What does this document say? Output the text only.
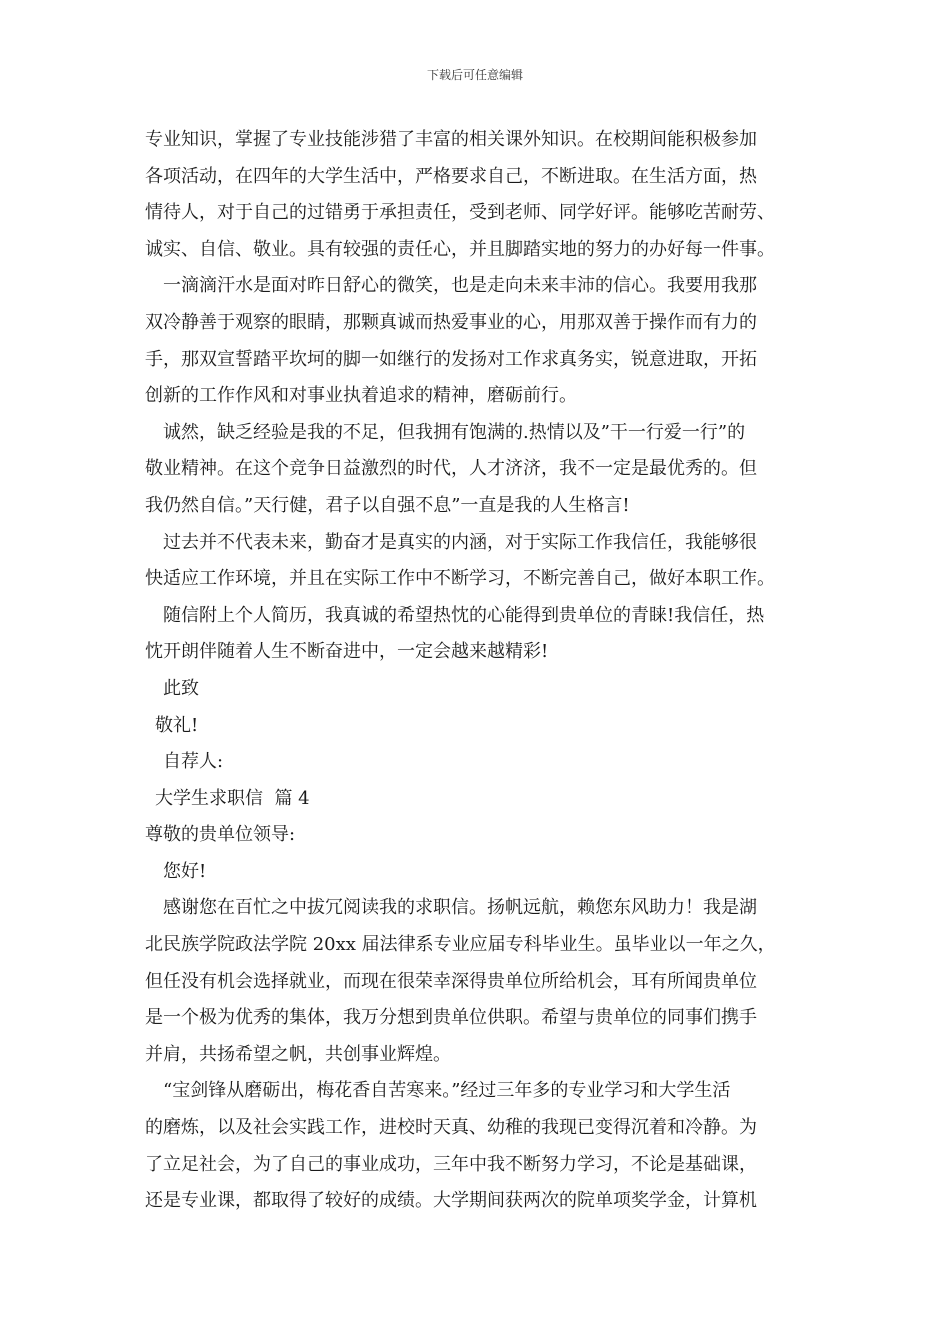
下载后可任意编辑
专业知识，掌握了专业技能涉猎了丰富的相关课外知识。在校期间能积极参加
各项活动，在四年的大学生活中，严格要求自己，不断进取。在生活方面，热
情待人，对于自己的过错勇于承担责任，受到老师、同学好评。能够吃苦耐劳、
诚实、自信、敬业。具有较强的责任心，并且脚踏实地的努力的办好每一件事。
一滴滴汗水是面对昨日舒心的微笑，也是走向未来丰沛的信心。我要用我那
双冷静善于观察的眼睛，那颗真诚而热爱事业的心，用那双善于操作而有力的
手，那双宣誓踏平坎坷的脚一如继行的发扬对工作求真务实，锐意进取，开拓
创新的工作作风和对事业执着追求的精神，磨砺前行。
诚然，缺乏经验是我的不足，但我拥有饱满的.热情以及”干一行爱一行”的
敬业精神。在这个竞争日益激烈的时代，人才济济，我不一定是最优秀的。但
我仍然自信。”天行健，君子以自强不息”一直是我的人生格言!
过去并不代表未来，勤奋才是真实的内涵，对于实际工作我信任，我能够很
快适应工作环境，并且在实际工作中不断学习，不断完善自己，做好本职工作。
随信附上个人简历，我真诚的希望热忱的心能得到贵单位的青睐!我信任，热
忱开朗伴随着人生不断奋进中，一定会越来越精彩!
此致
敬礼!
自荐人:
大学生求职信  篇 4
尊敬的贵单位领导:
您好!
感谢您在百忙之中拔冗阅读我的求职信。扬帆远航，赖您东风助力！我是湖
北民族学院政法学院 20xx 届法律系专业应届专科毕业生。虽毕业以一年之久，
但任没有机会选择就业，而现在很荣幸深得贵单位所给机会，耳有所闻贵单位
是一个极为优秀的集体，我万分想到贵单位供职。希望与贵单位的同事们携手
并肩，共扬希望之帆，共创事业辉煌。
“宝剑锋从磨砺出，梅花香自苦寒来。”经过三年多的专业学习和大学生活
的磨炼，以及社会实践工作，进校时天真、幼稚的我现已变得沉着和冷静。为
了立足社会，为了自己的事业成功，三年中我不断努力学习，不论是基础课，
还是专业课，都取得了较好的成绩。大学期间获两次的院单项奖学金，计算机
